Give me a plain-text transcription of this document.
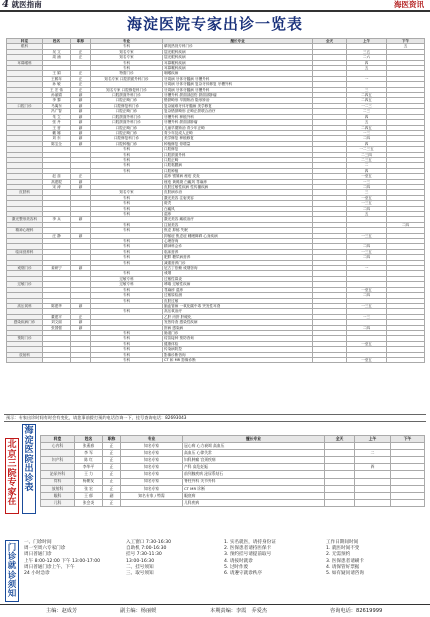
4 就医指南	海医资讯
海淀医院专家出诊一览表
科室	姓名	职称	专业	擅长专业	全天	上午	下午
眼科			专科	睛视热视专科门诊			五
	吴 文	正	知名专家	屈光眼科疾病		三五	
	周 涌	正	知名专家	屈光眼科疾病		二六	
耳鼻喉科			专科	耳鼻喉科疾病		四	
			专科	耳鼻喉科疾病		五	
	王 娟	正	特需门诊	咽喉疾病			
	王鹤年	正	知名专家 口腔颌面外科门诊	牙周病 牙体牙髓病 牙槽外科		一	
	孙 敏	正		牙周病 牙体牙髓病 复杂牙体修复 牙槽外科			
	王 宏 伟	正	知名专家 口腔修复科门诊	牙周病 牙体牙髓病 牙槽外科		三	
	孙丽娟	副	口腔颌面外科门诊	牙槽外科 颌面部创伤 颌面部肿瘤		二四五	
	李 黎	副	口腔正畸门诊	错颌畸形 早期矫治 隐形矫治		二四五	
口腔门诊	马寓东	副	口腔修复科门诊	复杂疑难牙体牙髓病 美学修复		一二三	
	冯广智	副	口腔正畸门诊	复杂错颌畸形 正畸正颌联合治疗		二三	
	朱 立	副	口腔颌面外科门诊	牙槽外科 种植外科		四	
	张 丹	副	口腔颌面外科门诊	牙槽外科 颌面部肿瘤		五	
	王 晋	副	口腔正畸门诊	儿童早期矫治 青少年正畸		二四五	
	戴 娜	副	口腔正畸门诊	青少年及成人正畸		一三	
	刘 东	副	口腔修复科门诊	美学修复 种植修复		二四	
	陈宝全	副	口腔种植门诊	种植修复 骨增量		四	
			专科	口腔修复		一二三五	
			专科	口腔颌面外科		二三四	
			专科	口腔正畸		二三五	
			专科	口腔黏膜病		二	
			专科	口腔种植		四	
	赵 蕊	正		湿疹 银屑病 痤疮 皮炎		一至五	
	高建琨	副		痤疮 黄褐斑 白癜风 荨麻疹		一三	
	宋 涛	副		皮肤过敏性疾病 性传播疾病		二四	
皮肤科			知名专家	皮肤病诊治		三	
			专科	激光美容 注射美容		一至五	
			专科	斑秃		一三五	
			专科	白癜风		二四	
			专科	湿疹		五	
激光整形美容科	李 兵	副		激光美容 瘢痕治疗			
			专科	注射美容			二四
精神心理科			专科	焦虑 抑郁 失眠			
	汪 静	副		抑郁症 焦虑症 睡眠障碍 心身疾病		一三五	
			专科	心理咨询			
			专科	精神科会诊		二四	
临床营养科			专科	临床营养		一三五	
			专科	肥胖 糖尿病营养		二四	
			专科	减重营养门诊			
戒烟门诊	姜研宁	副		尼古丁依赖 戒烟咨询		一	
			专科	戒烟			
			过敏专科	过敏性鼻炎			
过敏门诊			过敏专科	哮喘 过敏性疾病			
			专科	荨麻疹 湿疹		一至五	
			专科	过敏原检测		二四	
			专科	皮肤过敏			
高压氧科	陈建华	副		脑血管病 一氧化碳中毒 突发性耳聋		一三五	
			专科	高压氧治疗			
	董建平	正		乙肝 丙肝 肝硬化		一三	
感染疾病门诊	刘文丽	副		发热待查 感染性疾病			
	张国强	副		肝病 感染病		二四	
			专科	肠道门诊			
预防门诊			专科	疫苗接种 预防咨询			
			专科	健康体检		一至五	
			专科	传染病防控			
放射科			专科	影像诊断咨询			
			专科	CT 和 MR 影像诊断		一至五	
预示：专家出诊时间有时会有变化，请您事前拨打预约电话咨询一下，挂号查询电话：82693043
北
京
三
院
专
家
在
海
淀
医
院
出
诊
表
科室	姓名	职称	专业	擅长专业	全天	上午	下午
心内科	张燕春	正	知名专家	冠心病 心力衰竭 高血压			
	李 军	正	知名专家	高血压 心律失常		二	
妇产科	陈 红	正	知名专家	妇科肿瘤 宫颈疾病			
	李华平	正	知名专家	产科 高危妊娠		四	
泌尿外科	王 力	正	知名专家	前列腺疾病 泌尿系结石			
骨科	杨朝友	正	知名专家	脊柱外科 关节外科			
放射科	张 宏	正	知名专家	CT MR 诊断			
眼科	王 郁	副	知名专家 / 特需	眼底病			
儿科	张会炎	正		儿科疾病			
门
诊
就
诊
须
知

一、门诊时间

周一至周六专家门诊

周日普通门诊

上午 8:00-12:00 下午 13:00-17:00

周日普通门诊上午、下午

24 小时急诊

入工窗口 7:30-16:30

自助机 7:00-16:30

挂号 7:30-11:30

13:00-16:30

二、挂号须知

三、取号须知

1. 实名就医，请持身份证

2. 医保患者请持医保卡

3. 预约挂号请提前取号

4. 请按时就诊

5. 过时作废

6. 请遵守就诊秩序

工作日期间时间

1. 就医时间不变

2. 无需预约

3. 医保患者请刷卡

4. 请保管好票据

5. 如有疑问请咨询

主编：赵成芳	副主编：杨丽媛	本期责编：李霞　乔爱杰	咨询电话：82619999
